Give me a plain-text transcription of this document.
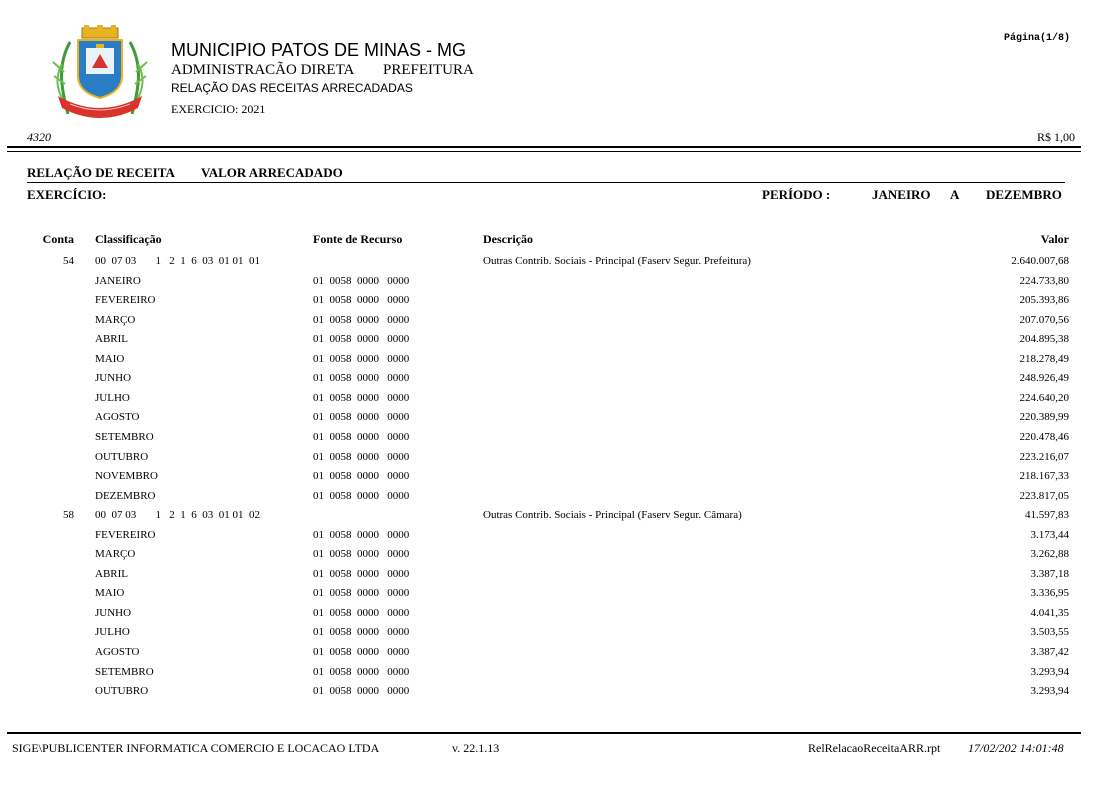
MUNICIPIO PATOS DE MINAS - MG
ADMINISTRACÃO DIRETA PREFEITURA
RELAÇÃO DAS RECEITAS ARRECADADAS
EXERCICIO: 2021
Página(1/8)
4320	R$ 1,00
RELAÇÃO DE RECEITA VALOR ARRECADADO
EXERCÍCIO:	PERÍODO :	JANEIRO A DEZEMBRO
Conta Classificação	Fonte de Recurso	Descrição	Valor
54 00  07 03       1   2  1  6  03  01 01  01	Outras Contrib. Sociais - Principal (Faserv Segur. Prefeitura)	2.640.007,68
JANEIRO	01  0058  0000   0000	224.733,80
FEVEREIRO	01  0058  0000   0000	205.393,86
MARÇO	01  0058  0000   0000	207.070,56
ABRIL	01  0058  0000   0000	204.895,38
MAIO	01  0058  0000   0000	218.278,49
JUNHO	01  0058  0000   0000	248.926,49
JULHO	01  0058  0000   0000	224.640,20
AGOSTO	01  0058  0000   0000	220.389,99
SETEMBRO	01  0058  0000   0000	220.478,46
OUTUBRO	01  0058  0000   0000	223.216,07
NOVEMBRO	01  0058  0000   0000	218.167,33
DEZEMBRO	01  0058  0000   0000	223.817,05
58 00  07 03       1   2  1  6  03  01 01  02	Outras Contrib. Sociais - Principal (Faserv Segur. Câmara)	41.597,83
FEVEREIRO	01  0058  0000   0000	3.173,44
MARÇO	01  0058  0000   0000	3.262,88
ABRIL	01  0058  0000   0000	3.387,18
MAIO	01  0058  0000   0000	3.336,95
JUNHO	01  0058  0000   0000	4.041,35
JULHO	01  0058  0000   0000	3.503,55
AGOSTO	01  0058  0000   0000	3.387,42
SETEMBRO	01  0058  0000   0000	3.293,94
OUTUBRO	01  0058  0000   0000	3.293,94
SIGE\PUBLICENTER INFORMATICA COMERCIO E LOCACAO LTDA	v. 22.1.13	RelRelacaoReceitaARR.rpt 17/02/202 14:01:48
